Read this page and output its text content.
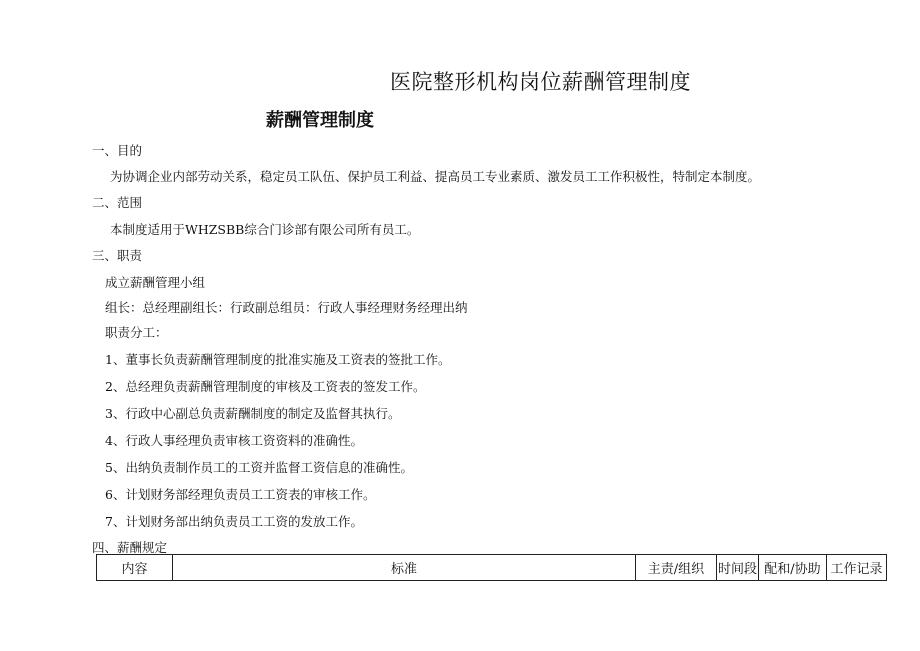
医院整形机构岗位薪酬管理制度
薪酬管理制度
一、目的
为协调企业内部劳动关系，稳定员工队伍、保护员工利益、提高员工专业素质、激发员工工作积极性，特制定本制度。
二、范围
本制度适用于WHZSBB综合门诊部有限公司所有员工。
三、职责
成立薪酬管理小组
组长：总经理副组长：行政副总组员：行政人事经理财务经理出纳
职责分工：
1、董事长负责薪酬管理制度的批准实施及工资表的签批工作。
2、总经理负责薪酬管理制度的审核及工资表的签发工作。
3、行政中心副总负责薪酬制度的制定及监督其执行。
4、行政人事经理负责审核工资资料的准确性。
5、出纳负责制作员工的工资并监督工资信息的准确性。
6、计划财务部经理负责员工工资表的审核工作。
7、计划财务部出纳负责员工工资的发放工作。
四、薪酬规定
内容	标准	主责/组织	时间段	配和/协助	工作记录
